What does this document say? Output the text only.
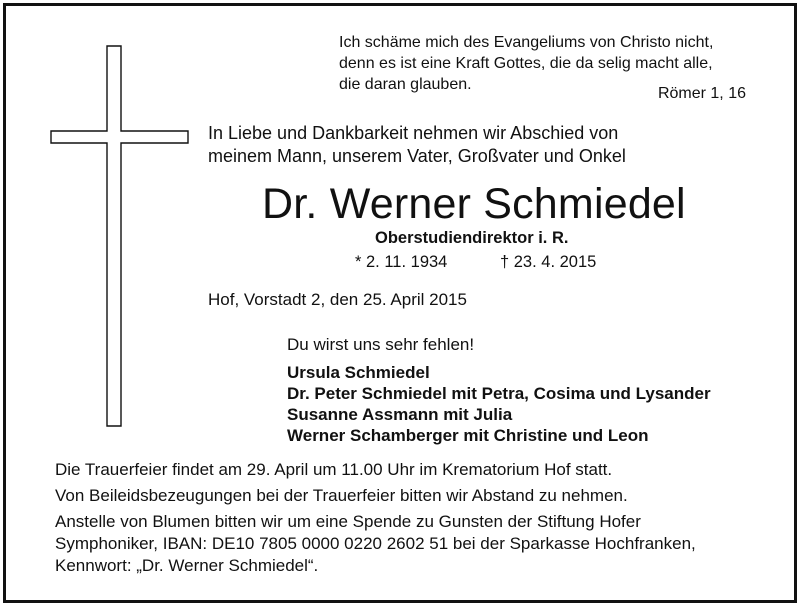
Ich schäme mich des Evangeliums von Christo nicht,
denn es ist eine Kraft Gottes, die da selig macht alle,
die daran glauben.
Römer 1, 16
In Liebe und Dankbarkeit nehmen wir Abschied von
meinem Mann, unserem Vater, Großvater und Onkel
Dr. Werner Schmiedel
Oberstudiendirektor i. R.
* 2. 11. 1934	† 23. 4. 2015
Hof, Vorstadt 2, den 25. April 2015
Du wirst uns sehr fehlen!
Ursula Schmiedel
Dr. Peter Schmiedel mit Petra, Cosima und Lysander
Susanne Assmann mit Julia
Werner Schamberger mit Christine und Leon
Die Trauerfeier findet am 29. April um 11.00 Uhr im Krematorium Hof statt.
Von Beileidsbezeugungen bei der Trauerfeier bitten wir Abstand zu nehmen.
Anstelle von Blumen bitten wir um eine Spende zu Gunsten der Stiftung Hofer
Symphoniker, IBAN: DE10 7805 0000 0220 2602 51 bei der Sparkasse Hochfranken,
Kennwort: „Dr. Werner Schmiedel“.
